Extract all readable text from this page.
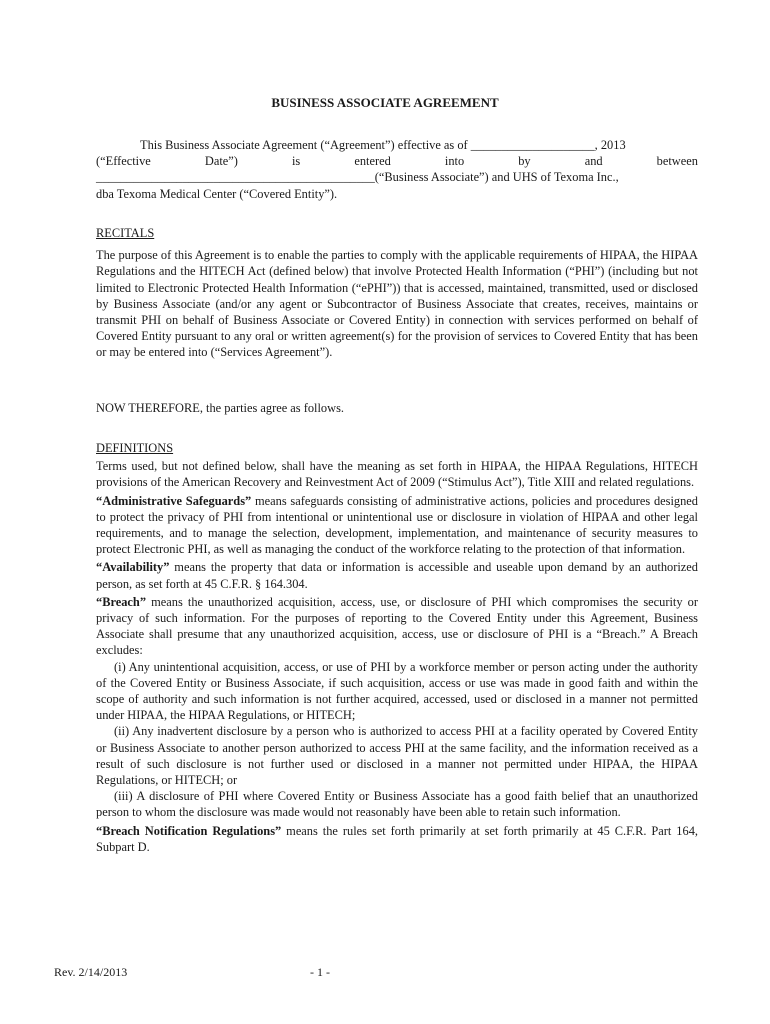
BUSINESS ASSOCIATE AGREEMENT

This Business Associate Agreement (“Agreement”) effective as of ____________________, 2013

(“Effective	Date”)	is	entered	into	by	and	between

_____________________________________________(“Business Associate”) and UHS of Texoma Inc.,

dba Texoma Medical Center (“Covered Entity”).

RECITALS

The purpose of this Agreement is to enable the parties to comply with the applicable requirements of HIPAA, the HIPAA Regulations and the HITECH Act (defined below) that involve Protected Health Information (“PHI”) (including but not limited to Electronic Protected Health Information (“ePHI”)) that is accessed, maintained, transmitted, used or disclosed by Business Associate (and/or any agent or Subcontractor of Business Associate that creates, receives, maintains or transmit PHI on behalf of Business Associate or Covered Entity) in connection with services performed on behalf of Covered Entity pursuant to any oral or written agreement(s) for the provision of services to Covered Entity that has been or may be entered into (“Services Agreement”).

NOW THEREFORE, the parties agree as follows.

DEFINITIONS

Terms used, but not defined below, shall have the meaning as set forth in HIPAA, the HIPAA Regulations, HITECH provisions of the American Recovery and Reinvestment Act of 2009 (“Stimulus Act”), Title XIII and related regulations.

“Administrative Safeguards” means safeguards consisting of administrative actions, policies and procedures designed to protect the privacy of PHI from intentional or unintentional use or disclosure in violation of HIPAA and other legal requirements, and to manage the selection, development, implementation, and maintenance of security measures to protect Electronic PHI, as well as managing the conduct of the workforce relating to the protection of that information.

“Availability” means the property that data or information is accessible and useable upon demand by an authorized person, as set forth at 45 C.F.R. § 164.304.

“Breach” means the unauthorized acquisition, access, use, or disclosure of PHI which compromises the security or privacy of such information. For the purposes of reporting to the Covered Entity under this Agreement, Business Associate shall presume that any unauthorized acquisition, access, use or disclosure of PHI is a “Breach.” A Breach excludes:

(i) Any unintentional acquisition, access, or use of PHI by a workforce member or person acting under the authority of the Covered Entity or Business Associate, if such acquisition, access or use was made in good faith and within the scope of authority and such information is not further acquired, accessed, used or disclosed in a manner not permitted under HIPAA, the HIPAA Regulations, or HITECH;

(ii) Any inadvertent disclosure by a person who is authorized to access PHI at a facility operated by Covered Entity or Business Associate to another person authorized to access PHI at the same facility, and the information received as a result of such disclosure is not further used or disclosed in a manner not permitted under HIPAA, the HIPAA Regulations, or HITECH; or

(iii) A disclosure of PHI where Covered Entity or Business Associate has a good faith belief that an unauthorized person to whom the disclosure was made would not reasonably have been able to retain such information.

“Breach Notification Regulations” means the rules set forth primarily at set forth primarily at 45 C.F.R. Part 164, Subpart D.

Rev. 2/14/2013	- 1 -
